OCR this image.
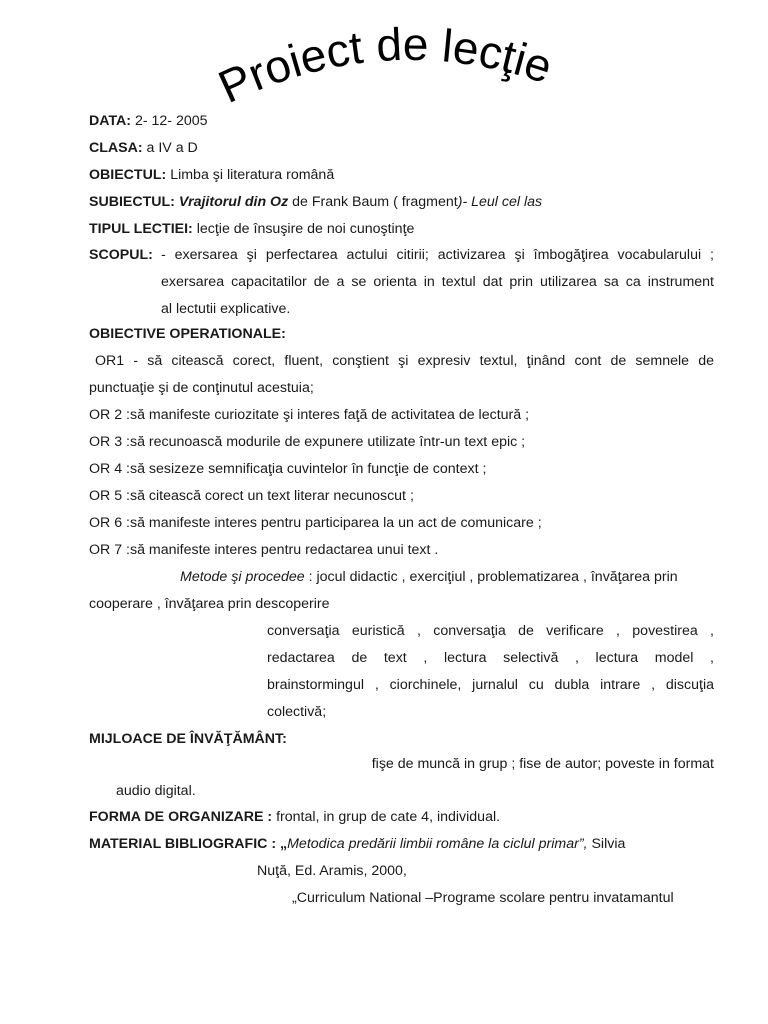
Proiect de lecţie
DATA: 2- 12- 2005
CLASA: a IV a D
OBIECTUL: Limba şi literatura română
SUBIECTUL: Vrajitorul din Oz de Frank Baum ( fragment)- Leul cel las
TIPUL LECTIEI: lecţie de însuşire de noi cunoştinţe
SCOPUL: - exersarea şi perfectarea actului citirii; activizarea şi îmbogăţirea vocabularului ;
exersarea capacitatilor de a se orienta in textul dat prin utilizarea sa ca instrument
al lectutii explicative.
OBIECTIVE OPERATIONALE:
OR1 - să citească corect, fluent, conştient şi expresiv textul, ţinând cont de semnele de
punctuaţie şi de conţinutul acestuia;
OR 2 :să manifeste curiozitate şi interes faţă de activitatea de lectură ;
OR 3 :să recunoască modurile de expunere utilizate într-un text epic ;
OR 4 :să sesizeze semnificaţia cuvintelor în funcţie de context ;
OR 5 :să citească corect un text literar necunoscut ;
OR 6 :să manifeste interes pentru participarea la un act de comunicare ;
OR 7 :să manifeste interes pentru redactarea unui text .
Metode şi procedee : jocul didactic , exerciţiul , problematizarea , învăţarea prin
cooperare , învăţarea prin descoperire
conversaţia euristică , conversaţia de verificare , povestirea ,
redactarea de text , lectura selectivă , lectura model ,
brainstormingul , ciorchinele, jurnalul cu dubla intrare , discuţia
colectivă;
MIJLOACE DE ÎNVĂŢĂMÂNT:
fişe de muncă in grup ; fise de autor; poveste in format
audio digital.
FORMA DE ORGANIZARE : frontal, in grup de cate 4, individual.
MATERIAL BIBLIOGRAFIC : „Metodica predării limbii române la ciclul primar”, Silvia
Nuţă, Ed. Aramis, 2000,
„Curriculum National –Programe scolare pentru invatamantul
